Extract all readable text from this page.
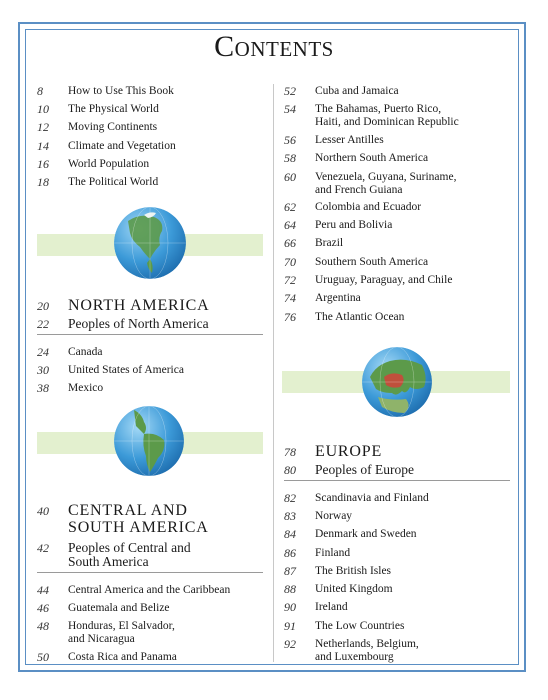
Contents
8 How to Use This Book
10 The Physical World
12 Moving Continents
14 Climate and Vegetation
16 World Population
18 The Political World
20 NORTH AMERICA
22 Peoples of North America
24 Canada
30 United States of America
38 Mexico
40 CENTRAL AND
SOUTH AMERICA
42 Peoples of Central and
South America
44 Central America and the Caribbean
46 Guatemala and Belize
48 Honduras, El Salvador,
and Nicaragua
50 Costa Rica and Panama
52 Cuba and Jamaica
54 The Bahamas, Puerto Rico,
Haiti, and Dominican Republic
56 Lesser Antilles
58 Northern South America
60 Venezuela, Guyana, Suriname,
and French Guiana
62 Colombia and Ecuador
64 Peru and Bolivia
66 Brazil
70 Southern South America
72 Uruguay, Paraguay, and Chile
74 Argentina
76 The Atlantic Ocean
78 EUROPE
80 Peoples of Europe
82 Scandinavia and Finland
83 Norway
84 Denmark and Sweden
86 Finland
87 The British Isles
88 United Kingdom
90 Ireland
91 The Low Countries
92 Netherlands, Belgium,
and Luxembourg
